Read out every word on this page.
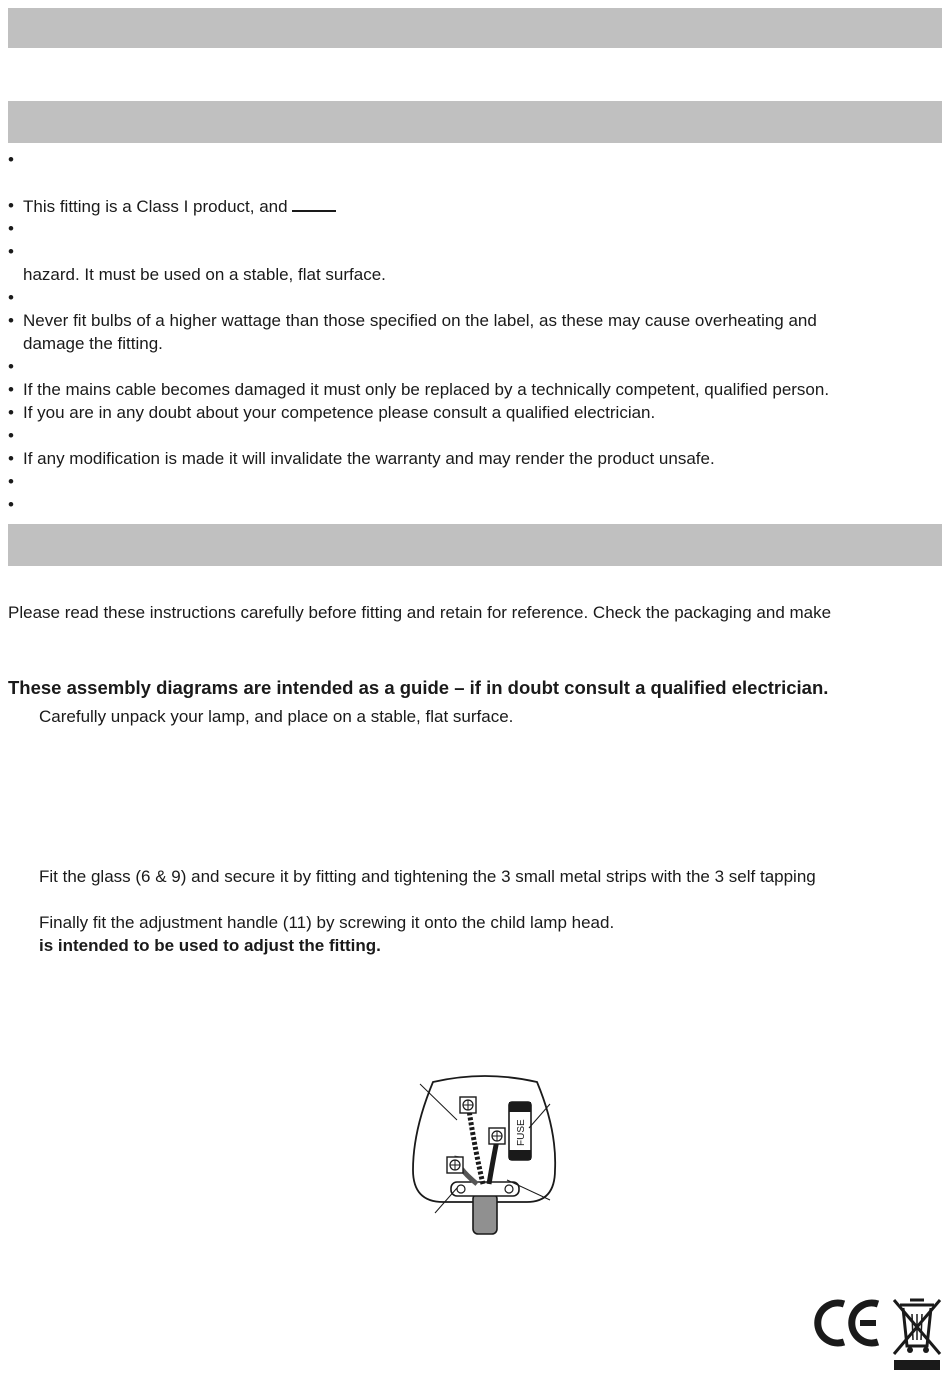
•
• This fitting is a Class I product, and
•
•
hazard. It must be used on a stable, flat surface.
•
• Never fit bulbs of a higher wattage than those specified on the label, as these may cause overheating and
damage the fitting.
•
• If the mains cable becomes damaged it must only be replaced by a technically competent, qualified person.
• If you are in any doubt about your competence please consult a qualified electrician.
•
• If any modification is made it will invalidate the warranty and may render the product unsafe.
•
•
Please read these instructions carefully before fitting and retain for reference. Check the packaging and make
These assembly diagrams are intended as a guide – if in doubt consult a qualified electrician.
Carefully unpack your lamp, and place on a stable, flat surface.
Fit the glass (6 & 9) and secure it by fitting and tightening the 3 small metal strips with the 3 self tapping
Finally fit the adjustment handle (11) by screwing it onto the child lamp head.
is intended to be used to adjust the fitting.
FUSE
